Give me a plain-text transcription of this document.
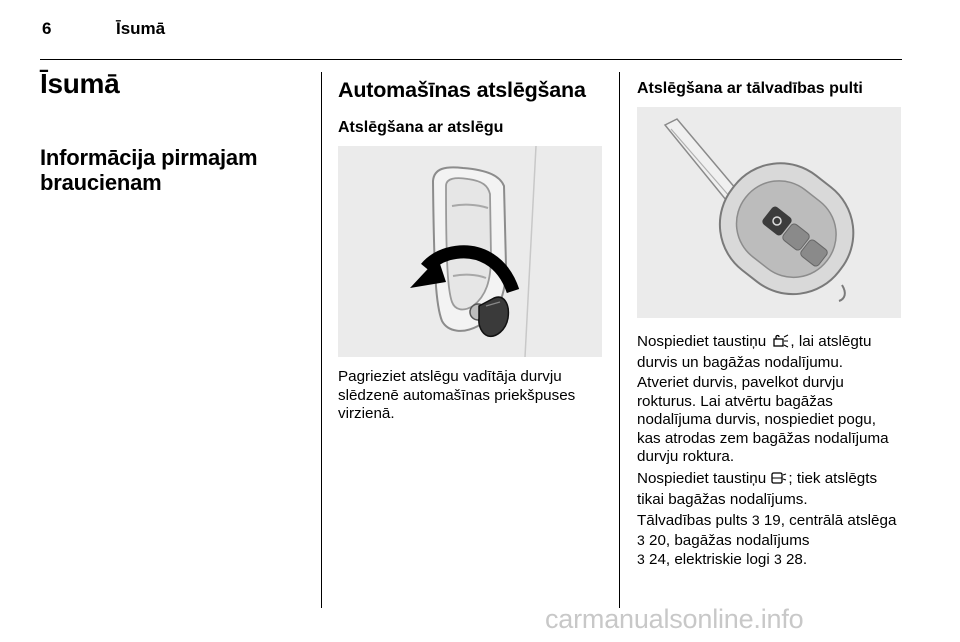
6	Īsumā
Īsumā
Informācija pirmajam braucienam
Automašīnas atslēgšana
Atslēgšana ar atslēgu
Pagrieziet atslēgu vadītāja durvju slēdzenē automašīnas priekšpuses virzienā.
Atslēgšana ar tālvadības pulti
Nospiediet taustiņu , lai atslēgtu durvis un bagāžas nodalījumu.
Atveriet durvis, pavelkot durvju rokturus. Lai atvērtu bagāžas nodalījuma durvis, nospiediet pogu, kas atrodas zem bagāžas nodalījuma durvju roktura.
Nospiediet taustiņu ; tiek atslēgts tikai bagāžas nodalījums.
Tālvadības pults 3 19, centrālā atslēga 3 20, bagāžas nodalījums
3 24, elektriskie logi 3 28.
carmanualsonline.info
